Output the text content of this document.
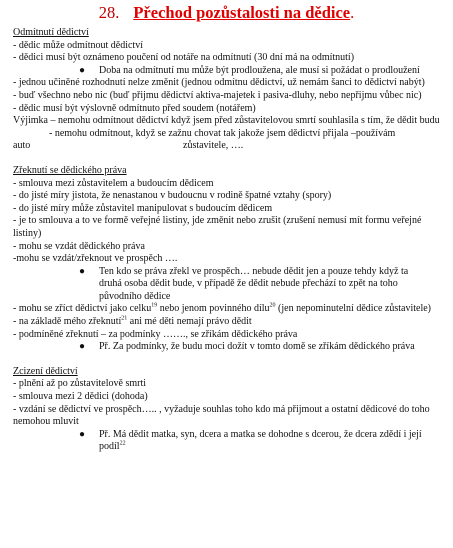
28. Přechod pozůstalosti na dědice.
Odmítnutí dědictví
- dědic může odmítnout dědictví
- dědici musí být oznámeno poučení od notáře na odmítnutí (30 dní má na odmítnutí)
● Doba na odmítnutí mu může být prodloužena, ale musí si požádat o prodloužení
- jednou učiněné rozhodnutí nelze změnit (jednou odmítnu dědictví, už nemám šanci to dědictví nabýt)
- buď všechno nebo nic (buď přijmu dědictví aktiva-majetek i pasiva-dluhy, nebo nepřijmu vůbec nic)
- dědic musí být výslovně odmítnuto před soudem (notářem)
Výjimka – nemohu odmítnout dědictví když jsem před zůstavitelovou smrtí souhlasila s tím, že dědit budu
- nemohu odmítnout, když se zažnu chovat tak jakože jsem dědictví přijala –používám
auto	zůstavitele, ….
Zřeknutí se dědického práva
- smlouva mezi zůstavitelem a budoucím dědicem
- do jisté míry jistota, že nenastanou v budoucnu v rodině špatné vztahy (spory)
- do jisté míry může zůstavitel manipulovat s budoucím dědicem
- je to smlouva a to ve formě veřejné listiny, jde změnit nebo zrušit (zrušení nemusí mít formu veřejné listiny)
- mohu se vzdát dědického práva
-mohu se vzdát/zřeknout ve prospěch ….
● Ten kdo se práva zřekl ve prospěch… nebude dědit jen a pouze tehdy když ta druhá osoba dědit bude, v případě že dědit nebude přechází to zpět na toho původního dědice
- mohu se zříct dědictví jako celku$^{19}$ nebo jenom povinného dílu$^{20}$ (jen nepominutelní dědice zůstavitele)
- na základě mého zřeknutí$^{21}$ ani mé děti nemají právo dědit
- podmíněné zřeknutí – za podmínky ……., se zříkám dědického práva
● Př. Za podmínky, že budu moci dožít v tomto domě se zříkám dědického práva
Zcizení dědictví
- plnění až po zůstavitelově smrti
- smlouva mezi 2 dědici (dohoda)
- vzdání se dědictví ve prospěch….. , vyžaduje souhlas toho kdo má přijmout a ostatní dědicové do toho nemohou mluvit
● Př. Má dědit matka, syn, dcera a matka se dohodne s dcerou, že dcera zdědí i její podíl$^{22}$
